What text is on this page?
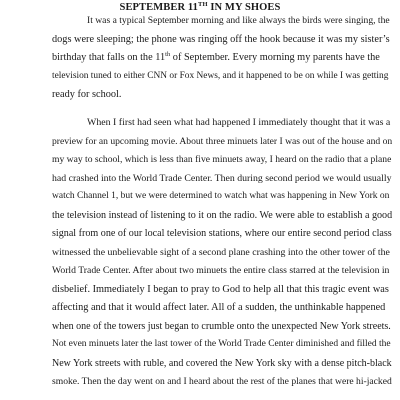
SEPTEMBER 11TH IN MY SHOES
It was a typical September morning and like always the birds were singing, the
dogs were sleeping; the phone was ringing off the hook because it was my sister’s
birthday that falls on the 11th of September. Every morning my parents have the
television tuned to either CNN or Fox News, and it happened to be on while I was getting
ready for school.
When I first had seen what had happened I immediately thought that it was a
preview for an upcoming movie. About three minuets later I was out of the house and on
my way to school, which is less than five minuets away, I heard on the radio that a plane
had crashed into the World Trade Center. Then during second period we would usually
watch Channel 1, but we were determined to watch what was happening in New York on
the television instead of listening to it on the radio. We were able to establish a good
signal from one of our local television stations, where our entire second period class
witnessed the unbelievable sight of a second plane crashing into the other tower of the
World Trade Center. After about two minuets the entire class starred at the television in
disbelief. Immediately I began to pray to God to help all that this tragic event was
affecting and that it would affect later. All of a sudden, the unthinkable happened
when one of the towers just began to crumble onto the unexpected New York streets.
Not even minuets later the last tower of the World Trade Center diminished and filled the
New York streets with ruble, and covered the New York sky with a dense pitch-black
smoke. Then the day went on and I heard about the rest of the planes that were hi-jacked
